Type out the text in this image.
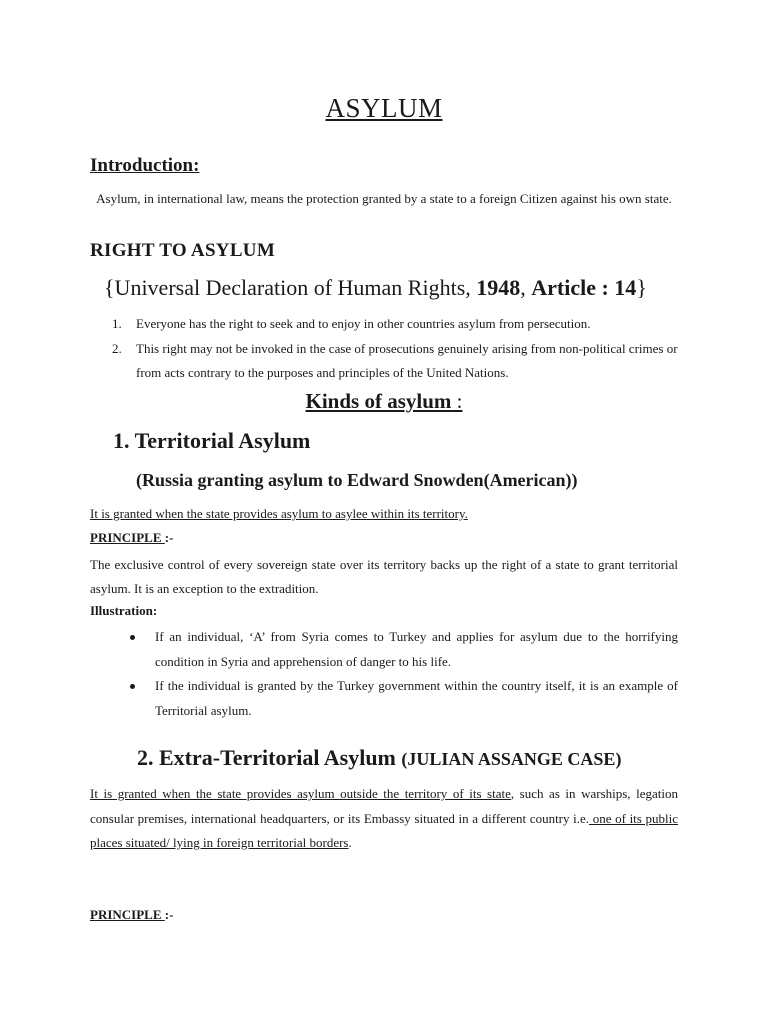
ASYLUM
Introduction:
Asylum, in international law, means the protection granted by a state to a foreign Citizen against his own state.
RIGHT TO ASYLUM
{Universal Declaration of Human Rights, 1948, Article : 14}
1. Everyone has the right to seek and to enjoy in other countries asylum from persecution.
2. This right may not be invoked in the case of prosecutions genuinely arising from non-political crimes or from acts contrary to the purposes and principles of the United Nations.
Kinds of asylum :
1. Territorial Asylum
(Russia granting asylum to Edward Snowden(American))
It is granted when the state provides asylum to asylee within its territory.
PRINCIPLE :-
The exclusive control of every sovereign state over its territory backs up the right of a state to grant territorial asylum. It is an exception to the extradition.
Illustration:
If an individual, ‘A’ from Syria comes to Turkey and applies for asylum due to the horrifying condition in Syria and apprehension of danger to his life.
If the individual is granted by the Turkey government within the country itself, it is an example of Territorial asylum.
2. Extra-Territorial Asylum (JULIAN ASSANGE CASE)
It is granted when the state provides asylum outside the territory of its state, such as in warships, legation consular premises, international headquarters, or its Embassy situated in a different country i.e. one of its public places situated/ lying in foreign territorial borders.
PRINCIPLE :-
